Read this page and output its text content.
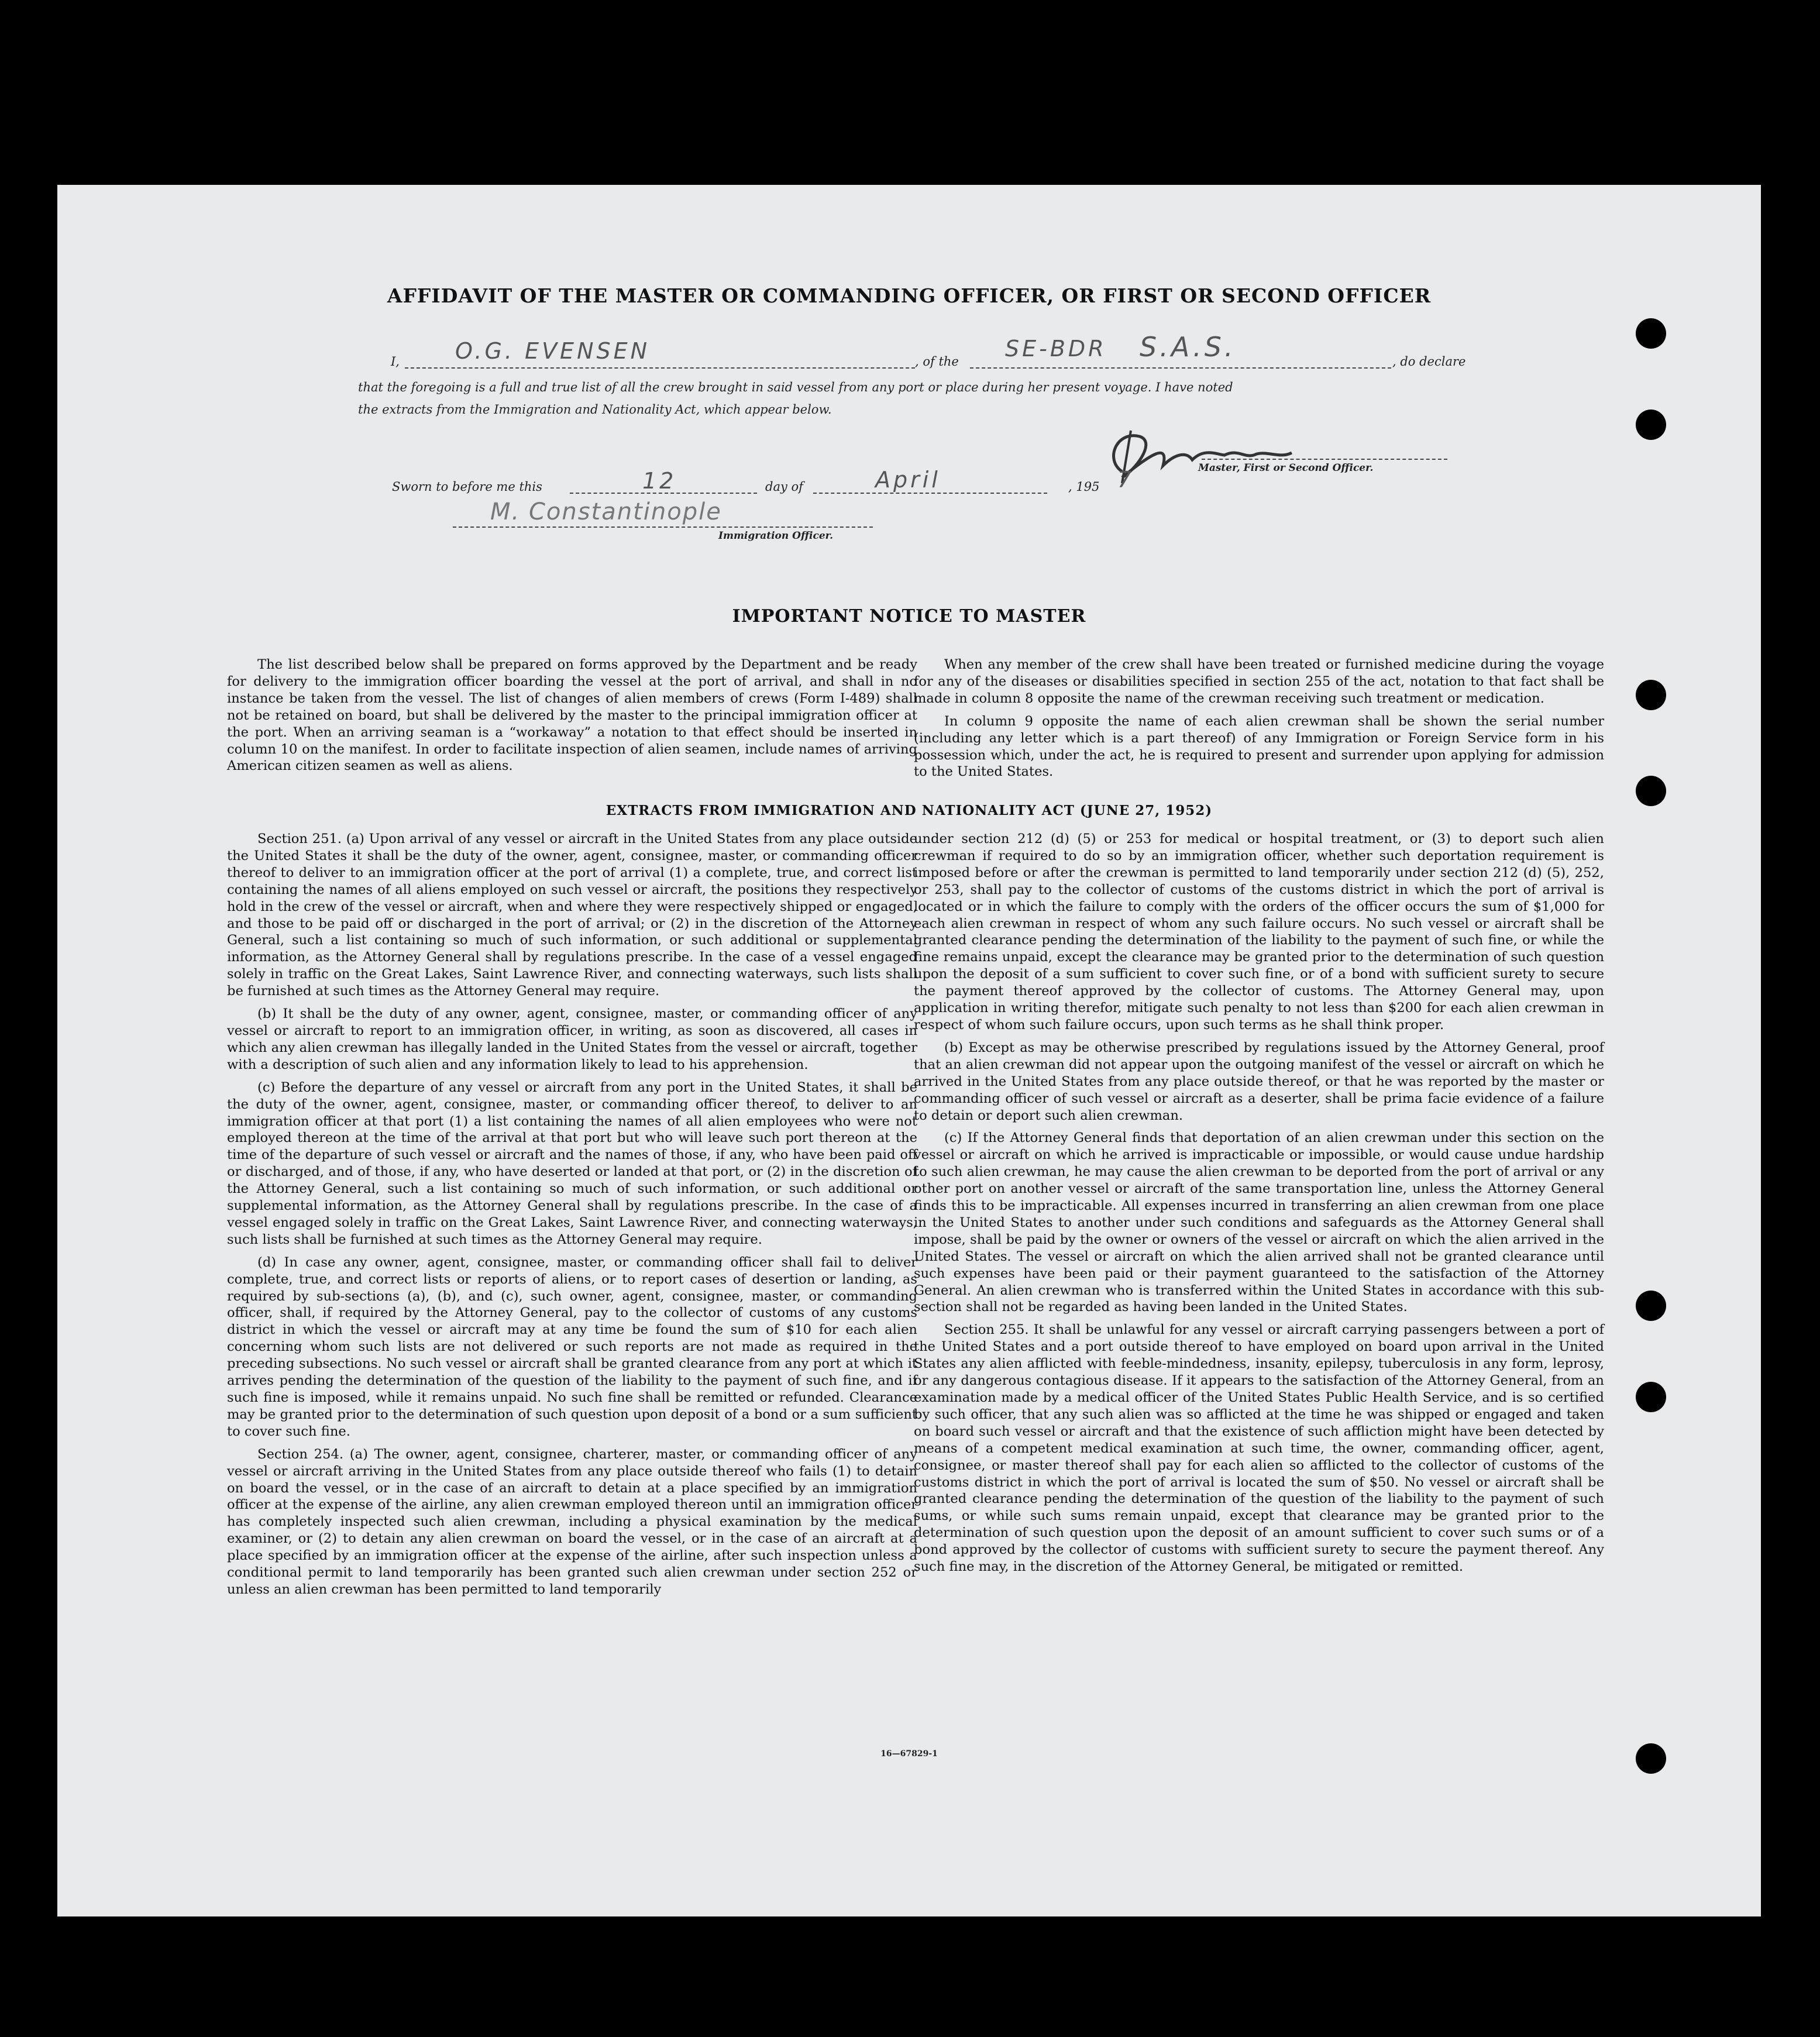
AFFIDAVIT OF THE MASTER OR COMMANDING OFFICER, OR FIRST OR SECOND OFFICER
I,	O.G. EVENSEN	, of the SE-BDR S.A.S.	, do declare
that the foregoing is a full and true list of all the crew brought in said vessel from any port or place during her present voyage. I have noted
the extracts from the Immigration and Nationality Act, which appear below.
Master, First or Second Officer.
Sworn to before me this	12	day of	April	, 195 7
M. Constantinople
Immigration Officer.
IMPORTANT NOTICE TO MASTER

The list described below shall be prepared on forms approved by the Department and be ready for delivery to the immigration officer boarding the vessel at the port of arrival, and shall in no instance be taken from the vessel. The list of changes of alien members of crews (Form I-489) shall not be retained on board, but shall be delivered by the master to the principal immigration officer at the port. When an arriving seaman is a “workaway” a notation to that effect should be inserted in column 10 on the manifest. In order to facilitate inspection of alien seamen, include names of arriving American citizen seamen as well as aliens.

When any member of the crew shall have been treated or furnished medicine during the voyage for any of the diseases or disabilities specified in section 255 of the act, notation to that fact shall be made in column 8 opposite the name of the crewman receiving such treatment or medication.

In column 9 opposite the name of each alien crewman shall be shown the serial number (including any letter which is a part thereof) of any Immigration or Foreign Service form in his possession which, under the act, he is required to present and surrender upon applying for admission to the United States.

EXTRACTS FROM IMMIGRATION AND NATIONALITY ACT (JUNE 27, 1952)

Section 251. (a) Upon arrival of any vessel or aircraft in the United States from any place outside the United States it shall be the duty of the owner, agent, consignee, master, or commanding officer thereof to deliver to an immigration officer at the port of arrival (1) a complete, true, and correct list containing the names of all aliens employed on such vessel or aircraft, the positions they respectively hold in the crew of the vessel or aircraft, when and where they were respectively shipped or engaged, and those to be paid off or discharged in the port of arrival; or (2) in the discretion of the Attorney General, such a list containing so much of such information, or such additional or supplemental information, as the Attorney General shall by regulations prescribe. In the case of a vessel engaged solely in traffic on the Great Lakes, Saint Lawrence River, and connecting waterways, such lists shall be furnished at such times as the Attorney General may require.

(b) It shall be the duty of any owner, agent, consignee, master, or commanding officer of any vessel or aircraft to report to an immigration officer, in writing, as soon as discovered, all cases in which any alien crewman has illegally landed in the United States from the vessel or aircraft, together with a description of such alien and any information likely to lead to his apprehension.

(c) Before the departure of any vessel or aircraft from any port in the United States, it shall be the duty of the owner, agent, consignee, master, or commanding officer thereof, to deliver to an immigration officer at that port (1) a list containing the names of all alien employees who were not employed thereon at the time of the arrival at that port but who will leave such port thereon at the time of the departure of such vessel or aircraft and the names of those, if any, who have been paid off or discharged, and of those, if any, who have deserted or landed at that port, or (2) in the discretion of the Attorney General, such a list containing so much of such information, or such additional or supplemental information, as the Attorney General shall by regulations prescribe. In the case of a vessel engaged solely in traffic on the Great Lakes, Saint Lawrence River, and connecting waterways, such lists shall be furnished at such times as the Attorney General may require.

(d) In case any owner, agent, consignee, master, or commanding officer shall fail to deliver complete, true, and correct lists or reports of aliens, or to report cases of desertion or landing, as required by sub-sections (a), (b), and (c), such owner, agent, consignee, master, or commanding officer, shall, if required by the Attorney General, pay to the collector of customs of any customs district in which the vessel or aircraft may at any time be found the sum of $10 for each alien concerning whom such lists are not delivered or such reports are not made as required in the preceding subsections. No such vessel or aircraft shall be granted clearance from any port at which it arrives pending the determination of the question of the liability to the payment of such fine, and if such fine is imposed, while it remains unpaid. No such fine shall be remitted or refunded. Clearance may be granted prior to the determination of such question upon deposit of a bond or a sum sufficient to cover such fine.

Section 254. (a) The owner, agent, consignee, charterer, master, or commanding officer of any vessel or aircraft arriving in the United States from any place outside thereof who fails (1) to detain on board the vessel, or in the case of an aircraft to detain at a place specified by an immigration officer at the expense of the airline, any alien crewman employed thereon until an immigration officer has completely inspected such alien crewman, including a physical examination by the medical examiner, or (2) to detain any alien crewman on board the vessel, or in the case of an aircraft at a place specified by an immigration officer at the expense of the airline, after such inspection unless a conditional permit to land temporarily has been granted such alien crewman under section 252 or unless an alien crewman has been permitted to land temporarily

under section 212 (d) (5) or 253 for medical or hospital treatment, or (3) to deport such alien crewman if required to do so by an immigration officer, whether such deportation requirement is imposed before or after the crewman is permitted to land temporarily under section 212 (d) (5), 252, or 253, shall pay to the collector of customs of the customs district in which the port of arrival is located or in which the failure to comply with the orders of the officer occurs the sum of $1,000 for each alien crewman in respect of whom any such failure occurs. No such vessel or aircraft shall be granted clearance pending the determination of the liability to the payment of such fine, or while the fine remains unpaid, except the clearance may be granted prior to the determination of such question upon the deposit of a sum sufficient to cover such fine, or of a bond with sufficient surety to secure the payment thereof approved by the collector of customs. The Attorney General may, upon application in writing therefor, mitigate such penalty to not less than $200 for each alien crewman in respect of whom such failure occurs, upon such terms as he shall think proper.

(b) Except as may be otherwise prescribed by regulations issued by the Attorney General, proof that an alien crewman did not appear upon the outgoing manifest of the vessel or aircraft on which he arrived in the United States from any place outside thereof, or that he was reported by the master or commanding officer of such vessel or aircraft as a deserter, shall be prima facie evidence of a failure to detain or deport such alien crewman.

(c) If the Attorney General finds that deportation of an alien crewman under this section on the vessel or aircraft on which he arrived is impracticable or impossible, or would cause undue hardship to such alien crewman, he may cause the alien crewman to be deported from the port of arrival or any other port on another vessel or aircraft of the same transportation line, unless the Attorney General finds this to be impracticable. All expenses incurred in transferring an alien crewman from one place in the United States to another under such conditions and safeguards as the Attorney General shall impose, shall be paid by the owner or owners of the vessel or aircraft on which the alien arrived in the United States. The vessel or aircraft on which the alien arrived shall not be granted clearance until such expenses have been paid or their payment guaranteed to the satisfaction of the Attorney General. An alien crewman who is transferred within the United States in accordance with this sub-section shall not be regarded as having been landed in the United States.

Section 255. It shall be unlawful for any vessel or aircraft carrying passengers between a port of the United States and a port outside thereof to have employed on board upon arrival in the United States any alien afflicted with feeble-mindedness, insanity, epilepsy, tuberculosis in any form, leprosy, or any dangerous contagious disease. If it appears to the satisfaction of the Attorney General, from an examination made by a medical officer of the United States Public Health Service, and is so certified by such officer, that any such alien was so afflicted at the time he was shipped or engaged and taken on board such vessel or aircraft and that the existence of such affliction might have been detected by means of a competent medical examination at such time, the owner, commanding officer, agent, consignee, or master thereof shall pay for each alien so afflicted to the collector of customs of the customs district in which the port of arrival is located the sum of $50. No vessel or aircraft shall be granted clearance pending the determination of the question of the liability to the payment of such sums, or while such sums remain unpaid, except that clearance may be granted prior to the determination of such question upon the deposit of an amount sufficient to cover such sums or of a bond approved by the collector of customs with sufficient surety to secure the payment thereof. Any such fine may, in the discretion of the Attorney General, be mitigated or remitted.

16—67829-1
